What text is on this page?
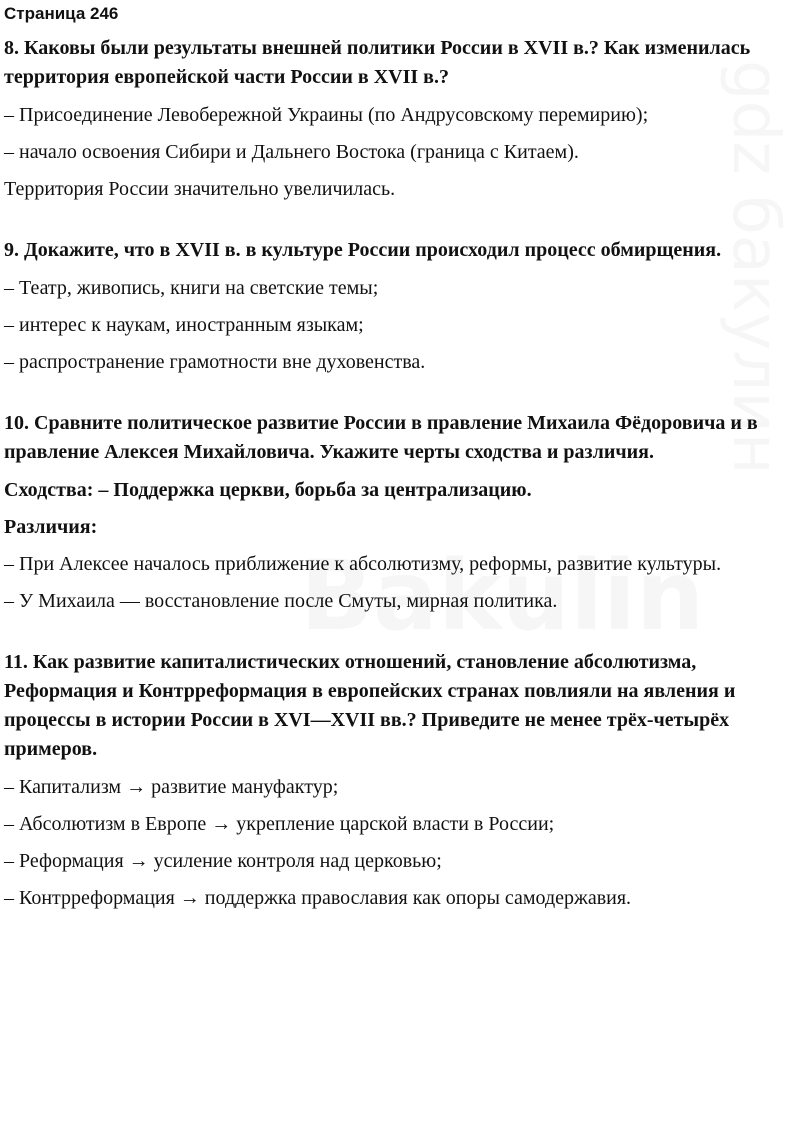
Страница 246
8. Каковы были результаты внешней политики России в XVII в.? Как изменилась территория европейской части России в XVII в.?
– Присоединение Левобережной Украины (по Андрусовскому перемирию);
– начало освоения Сибири и Дальнего Востока (граница с Китаем).
Территория России значительно увеличилась.
9. Докажите, что в XVII в. в культуре России происходил процесс обмирщения.
– Театр, живопись, книги на светские темы;
– интерес к наукам, иностранным языкам;
– распространение грамотности вне духовенства.
10. Сравните политическое развитие России в правление Михаила Фёдоровича и в правление Алексея Михайловича. Укажите черты сходства и различия.
Сходства: – Поддержка церкви, борьба за централизацию.
Различия:
– При Алексее началось приближение к абсолютизму, реформы, развитие культуры.
– У Михаила — восстановление после Смуты, мирная политика.
11. Как развитие капиталистических отношений, становление абсолютизма, Реформация и Контрреформация в европейских странах повлияли на явления и процессы в истории России в XVI—XVII вв.? Приведите не менее трёх-четырёх примеров.
– Капитализм → развитие мануфактур;
– Абсолютизм в Европе → укрепление царской власти в России;
– Реформация → усиление контроля над церковью;
– Контрреформация → поддержка православия как опоры самодержавия.
